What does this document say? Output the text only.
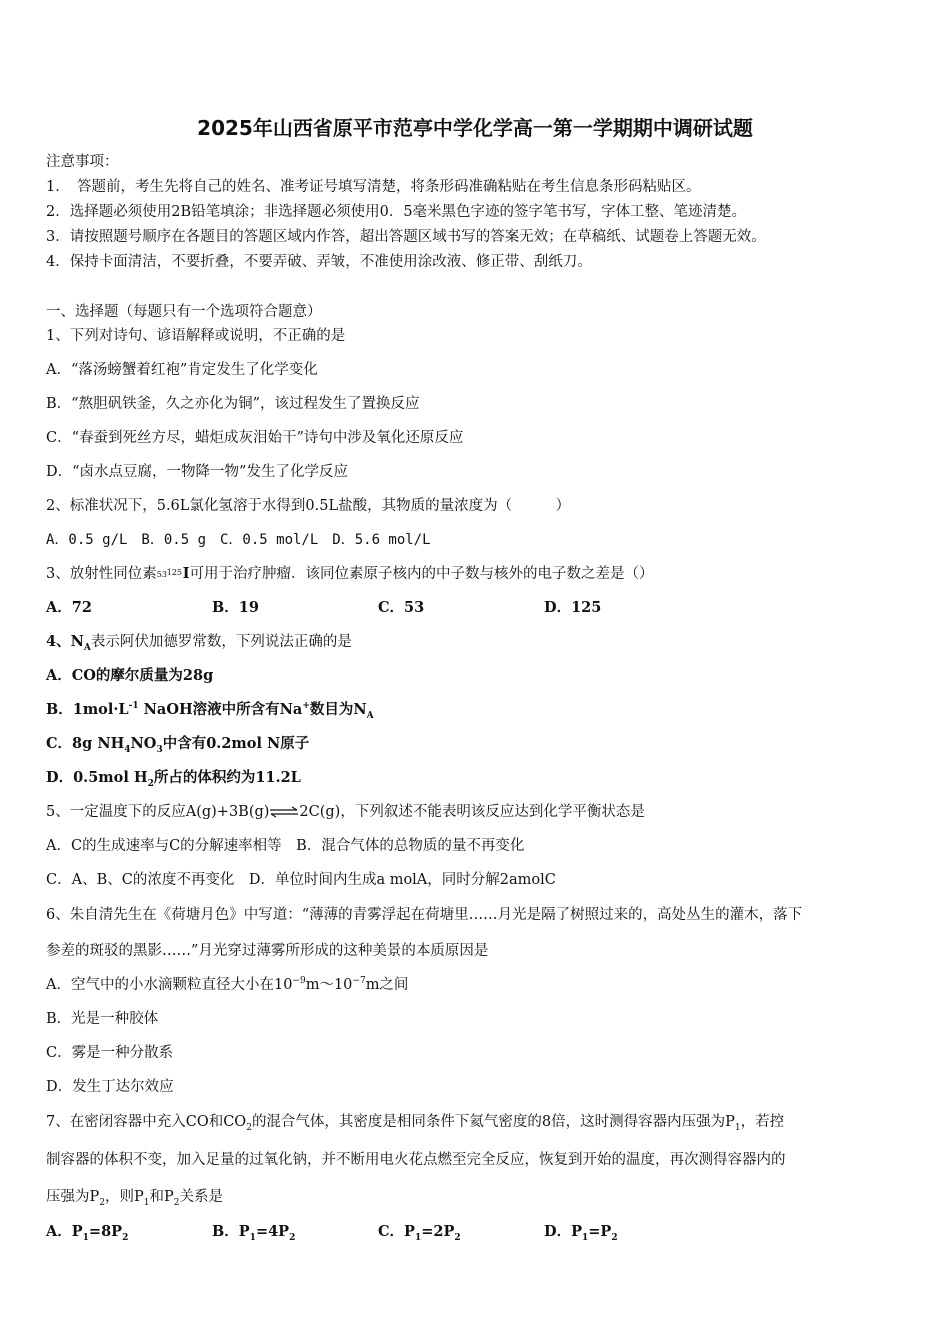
2025年山西省原平市范亭中学化学高一第一学期期中调研试题
注意事项：
1．　答题前，考生先将自己的姓名、准考证号填写清楚，将条形码准确粘贴在考生信息条形码粘贴区。
2．选择题必须使用2B铅笔填涂；非选择题必须使用0．5毫米黑色字迹的签字笔书写，字体工整、笔迹清楚。
3．请按照题号顺序在各题目的答题区域内作答，超出答题区域书写的答案无效；在草稿纸、试题卷上答题无效。
4．保持卡面清洁，不要折叠，不要弄破、弄皱，不准使用涂改液、修正带、刮纸刀。
一、选择题（每题只有一个选项符合题意）
1、下列对诗句、谚语解释或说明，不正确的是
A．“落汤螃蟹着红袍”肯定发生了化学变化
B．“熬胆矾铁釜，久之亦化为铜”，该过程发生了置换反应
C．“春蚕到死丝方尽，蜡炬成灰泪始干”诗句中涉及氧化还原反应
D．“卤水点豆腐，一物降一物”发生了化学反应
2、标准状况下，5.6L氯化氢溶于水得到0.5L盐酸，其物质的量浓度为（　　　）
A．0.5 g/L　B．0.5 g　C．0.5 mol/L　D．5.6 mol/L
3、放射性同位素 53 125 I可用于治疗肿瘤．该同位素原子核内的中子数与核外的电子数之差是（）
A．72	B．19	C．53	D．125
4、$N_A$表示阿伏加德罗常数，下列说法正确的是
A．CO的摩尔质量为28g
B．$1mol\cdot L^{-1}$ NaOH溶液中所含有Na+数目为$N_A$
C．8g $NH_4NO_3$中含有0.2mol N原子
D．0.5mol $H_2$所占的体积约为11.2L
5、一定温度下的反应A(g)+3B(g)⇌2C(g)，下列叙述不能表明该反应达到化学平衡状态是
A．C的生成速率与C的分解速率相等　B．混合气体的总物质的量不再变化
C．A、B、C的浓度不再变化　D．单位时间内生成a molA，同时分解2amolC
6、朱自清先生在《荷塘月色》中写道：“薄薄的青雾浮起在荷塘里……月光是隔了树照过来的，高处丛生的灌木，落下
参差的斑驳的黑影……”月光穿过薄雾所形成的这种美景的本质原因是
A．空气中的小水滴颗粒直径大小在$10^{-9}m\sim 10^{-7}m$之间
B．光是一种胶体
C．雾是一种分散系
D．发生丁达尔效应
7、在密闭容器中充入CO和$CO_2$的混合气体，其密度是相同条件下氦气密度的8倍，这时测得容器内压强为$P_1$，若控
制容器的体积不变，加入足量的过氧化钠，并不断用电火花点燃至完全反应，恢复到开始的温度，再次测得容器内的
压强为$P_2$，则$P_1$和$P_2$关系是
A．$P_1=8P_2$	B．$P_1=4P_2$	C．$P_1=2P_2$	D．$P_1=P_2$
